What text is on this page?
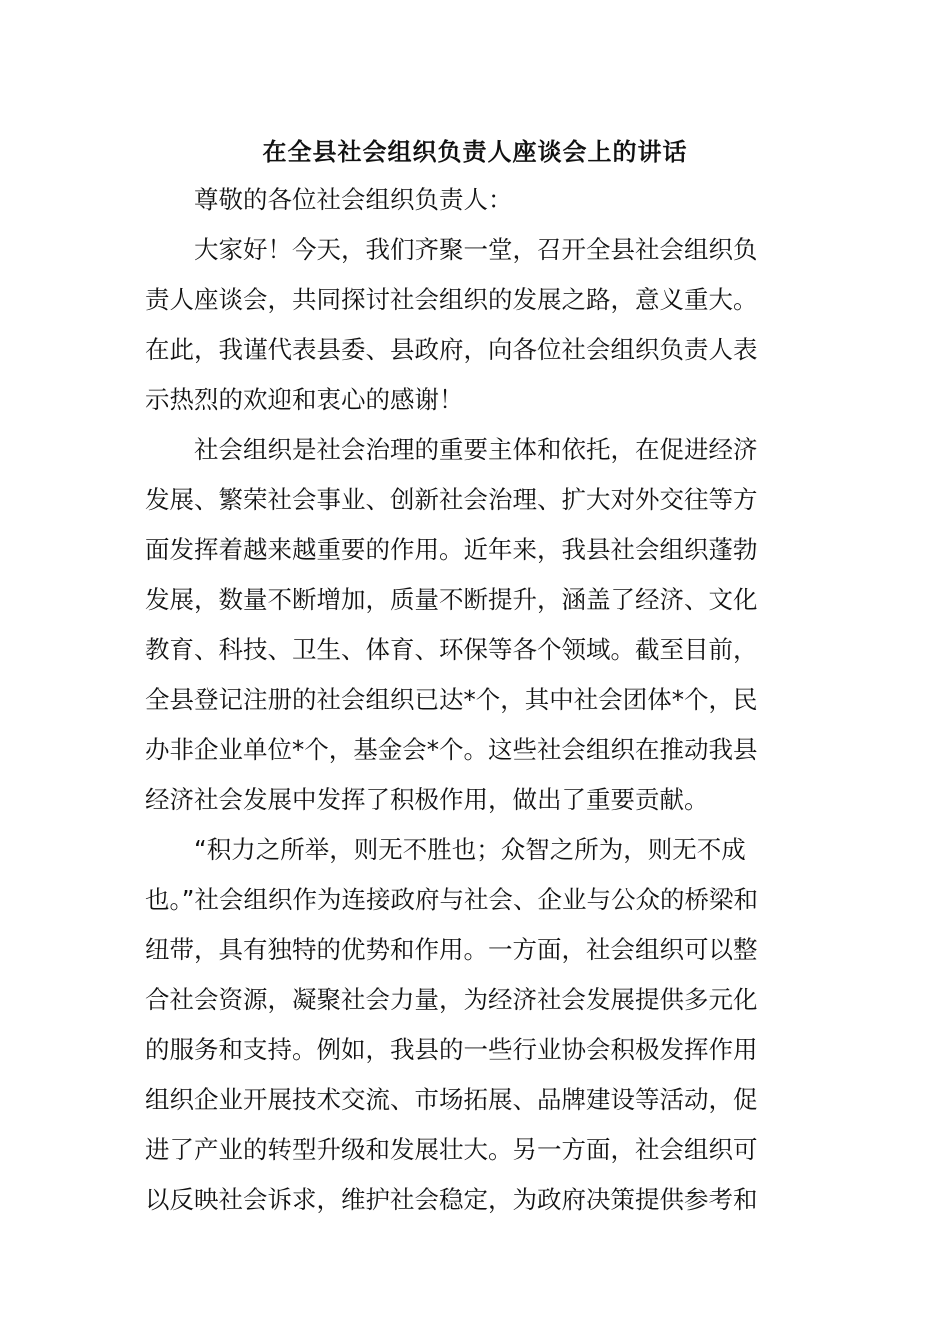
在全县社会组织负责人座谈会上的讲话

尊敬的各位社会组织负责人：

大家好！今天，我们齐聚一堂，召开全县社会组织负

责人座谈会，共同探讨社会组织的发展之路，意义重大。

在此，我谨代表县委、县政府，向各位社会组织负责人表

示热烈的欢迎和衷心的感谢！

社会组织是社会治理的重要主体和依托，在促进经济

发展、繁荣社会事业、创新社会治理、扩大对外交往等方

面发挥着越来越重要的作用。近年来，我县社会组织蓬勃

发展，数量不断增加，质量不断提升，涵盖了经济、文化

教育、科技、卫生、体育、环保等各个领域。截至目前，

全县登记注册的社会组织已达*个，其中社会团体*个，民

办非企业单位*个，基金会*个。这些社会组织在推动我县

经济社会发展中发挥了积极作用，做出了重要贡献。

“积力之所举，则无不胜也；众智之所为，则无不成

也。”社会组织作为连接政府与社会、企业与公众的桥梁和

纽带，具有独特的优势和作用。一方面，社会组织可以整

合社会资源，凝聚社会力量，为经济社会发展提供多元化

的服务和支持。例如，我县的一些行业协会积极发挥作用

组织企业开展技术交流、市场拓展、品牌建设等活动，促

进了产业的转型升级和发展壮大。另一方面，社会组织可

以反映社会诉求，维护社会稳定，为政府决策提供参考和
